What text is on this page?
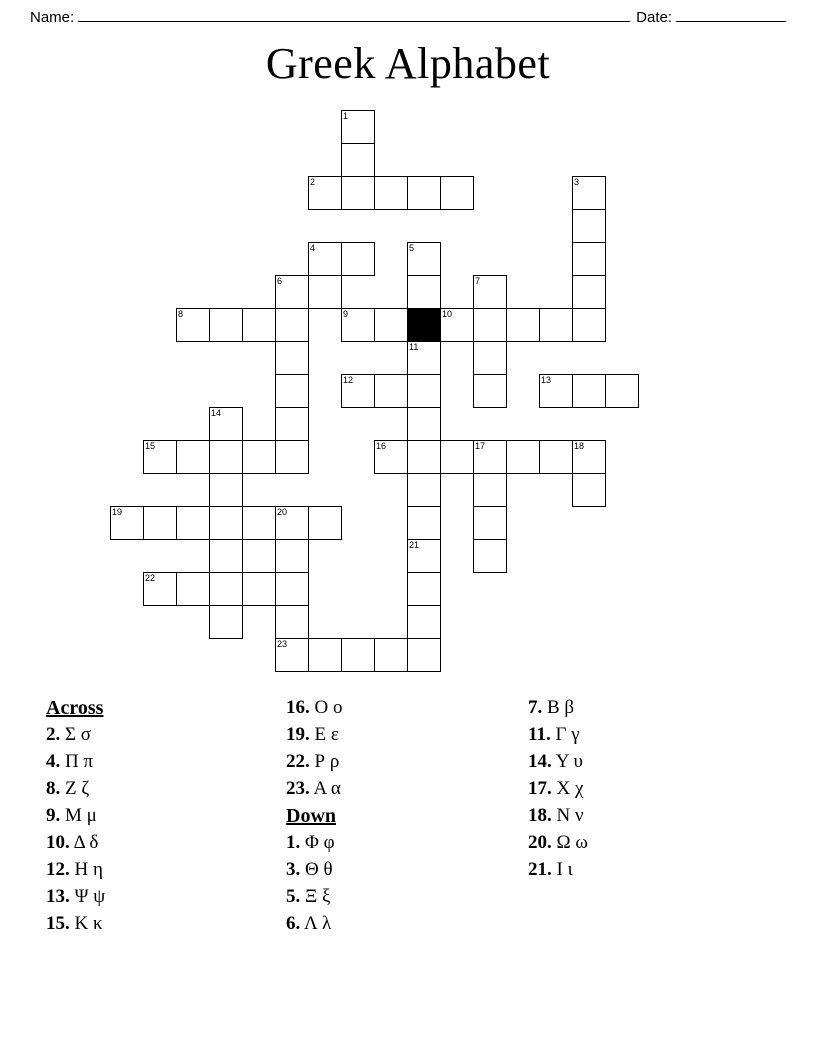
Name:	Date:
Greek Alphabet
1
2	3
4	5
6	7
8	9	10
11
12	13
14
15	16	17	18
19	20
21
22
23
Across
2. Σ σ
4. Π π
8. Ζ ζ
9. Μ μ
10. Δ δ
12. Η η
13. Ψ ψ
15. Κ κ
16. Ο ο
19. Ε ε
22. Ρ ρ
23. Α α
Down
1. Φ φ
3. Θ θ
5. Ξ ξ
6. Λ λ
7. Β β
11. Γ γ
14. Υ υ
17. Χ χ
18. Ν ν
20. Ω ω
21. Ι ι
